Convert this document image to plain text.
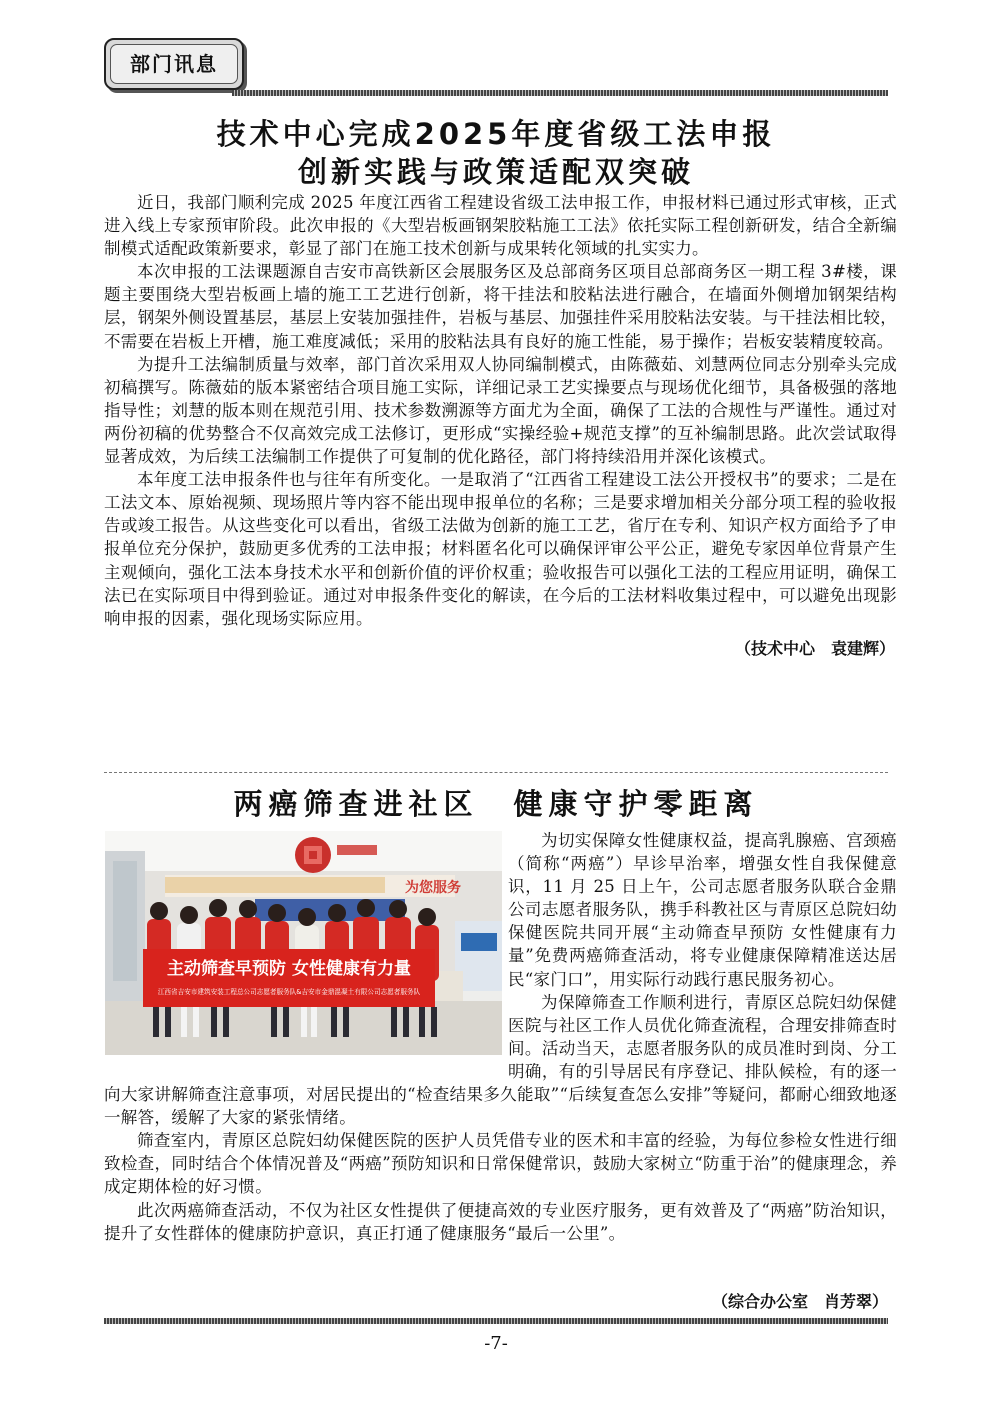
部门讯息
技术中心完成2025年度省级工法申报
创新实践与政策适配双突破

近日，我部门顺利完成 2025 年度江西省工程建设省级工法申报工作，申报材料已通过形式审核，正式进入线上专家预审阶段。此次申报的《大型岩板画钢架胶粘施工工法》依托实际工程创新研发，结合全新编制模式适配政策新要求，彰显了部门在施工技术创新与成果转化领域的扎实实力。

本次申报的工法课题源自吉安市高铁新区会展服务区及总部商务区项目总部商务区一期工程 3#楼，课题主要围绕大型岩板画上墙的施工工艺进行创新，将干挂法和胶粘法进行融合，在墙面外侧增加钢架结构层，钢架外侧设置基层，基层上安装加强挂件，岩板与基层、加强挂件采用胶粘法安装。与干挂法相比较，不需要在岩板上开槽，施工难度减低；采用的胶粘法具有良好的施工性能，易于操作；岩板安装精度较高。

为提升工法编制质量与效率，部门首次采用双人协同编制模式，由陈薇茹、刘慧两位同志分别牵头完成初稿撰写。陈薇茹的版本紧密结合项目施工实际，详细记录工艺实操要点与现场优化细节，具备极强的落地指导性；刘慧的版本则在规范引用、技术参数溯源等方面尤为全面，确保了工法的合规性与严谨性。通过对两份初稿的优势整合不仅高效完成工法修订，更形成“实操经验+规范支撑”的互补编制思路。此次尝试取得显著成效，为后续工法编制工作提供了可复制的优化路径，部门将持续沿用并深化该模式。

本年度工法申报条件也与往年有所变化。一是取消了“江西省工程建设工法公开授权书”的要求；二是在工法文本、原始视频、现场照片等内容不能出现申报单位的名称；三是要求增加相关分部分项工程的验收报告或竣工报告。从这些变化可以看出，省级工法做为创新的施工工艺，省厅在专利、知识产权方面给予了申报单位充分保护，鼓励更多优秀的工法申报；材料匿名化可以确保评审公平公正，避免专家因单位背景产生主观倾向，强化工法本身技术水平和创新价值的评价权重；验收报告可以强化工法的工程应用证明，确保工法已在实际项目中得到验证。通过对申报条件变化的解读，在今后的工法材料收集过程中，可以避免出现影响申报的因素，强化现场实际应用。

（技术中心　袁建辉）
两癌筛查进社区　健康守护零距离
为您服务
主动筛查早预防 女性健康有力量
江西省吉安市建筑安装工程总公司志愿者服务队&吉安市金鼎混凝土有限公司志愿者服务队

为切实保障女性健康权益，提高乳腺癌、宫颈癌（简称“两癌”）早诊早治率，增强女性自我保健意识，11 月 25 日上午，公司志愿者服务队联合金鼎公司志愿者服务队，携手科教社区与青原区总院妇幼保健医院共同开展“主动筛查早预防 女性健康有力量”免费两癌筛查活动，将专业健康保障精准送达居民“家门口”，用实际行动践行惠民服务初心。

为保障筛查工作顺利进行，青原区总院妇幼保健医院与社区工作人员优化筛查流程，合理安排筛查时间。活动当天，志愿者服务队的成员准时到岗、分工明确，有的引导居民有序登记、排队候检，有的逐一向大家讲解筛查注意事项，对居民提出的“检查结果多久能取”“后续复查怎么安排”等疑问，都耐心细致地逐一解答，缓解了大家的紧张情绪。

筛查室内，青原区总院妇幼保健医院的医护人员凭借专业的医术和丰富的经验，为每位参检女性进行细致检查，同时结合个体情况普及“两癌”预防知识和日常保健常识，鼓励大家树立“防重于治”的健康理念，养成定期体检的好习惯。

此次两癌筛查活动，不仅为社区女性提供了便捷高效的专业医疗服务，更有效普及了“两癌”防治知识，提升了女性群体的健康防护意识，真正打通了健康服务“最后一公里”。

（综合办公室　肖芳翠）
-7-
